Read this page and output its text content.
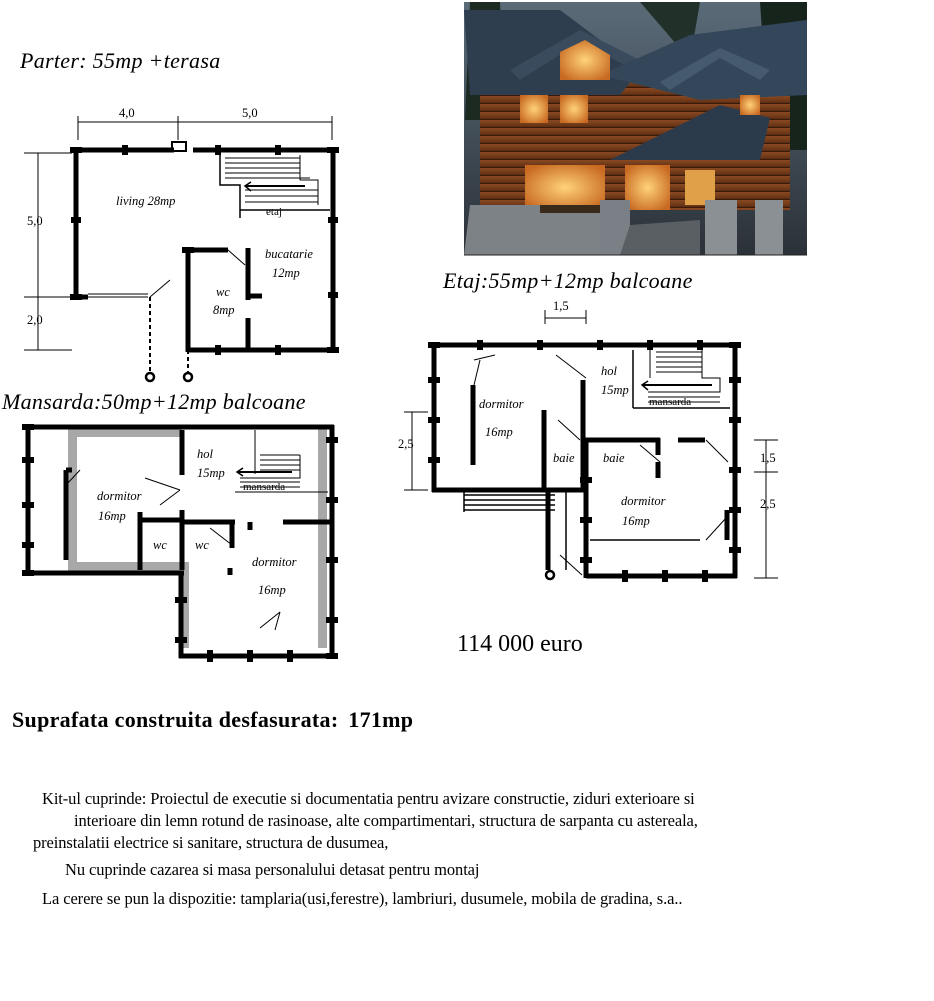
Parter: 55mp +terasa
4,0	5,0
5,0
2,0
living 28mp
bucatarie
12mp
wc
8mp
etaj
Etaj:55mp+12mp balcoane
1,5
2,5
1,5
2,5
dormitor
16mp
hol
15mp
mansarda
baie baie
dormitor
16mp
Mansarda:50mp+12mp balcoane
dormitor
16mp
hol
15mp
mansarda
wc wc
dormitor
16mp
114 000 euro
Suprafata construita desfasurata: 171mp
Kit-ul cuprinde: Proiectul de executie si documentatia pentru avizare constructie, ziduri exterioare si
interioare din lemn rotund de rasinoase, alte compartimentari, structura de sarpanta cu astereala,
preinstalatii electrice si sanitare, structura de dusumea,
Nu cuprinde cazarea si masa personalului detasat pentru montaj
La cerere se pun la dispozitie: tamplaria(usi,ferestre), lambriuri, dusumele, mobila de gradina, s.a..
